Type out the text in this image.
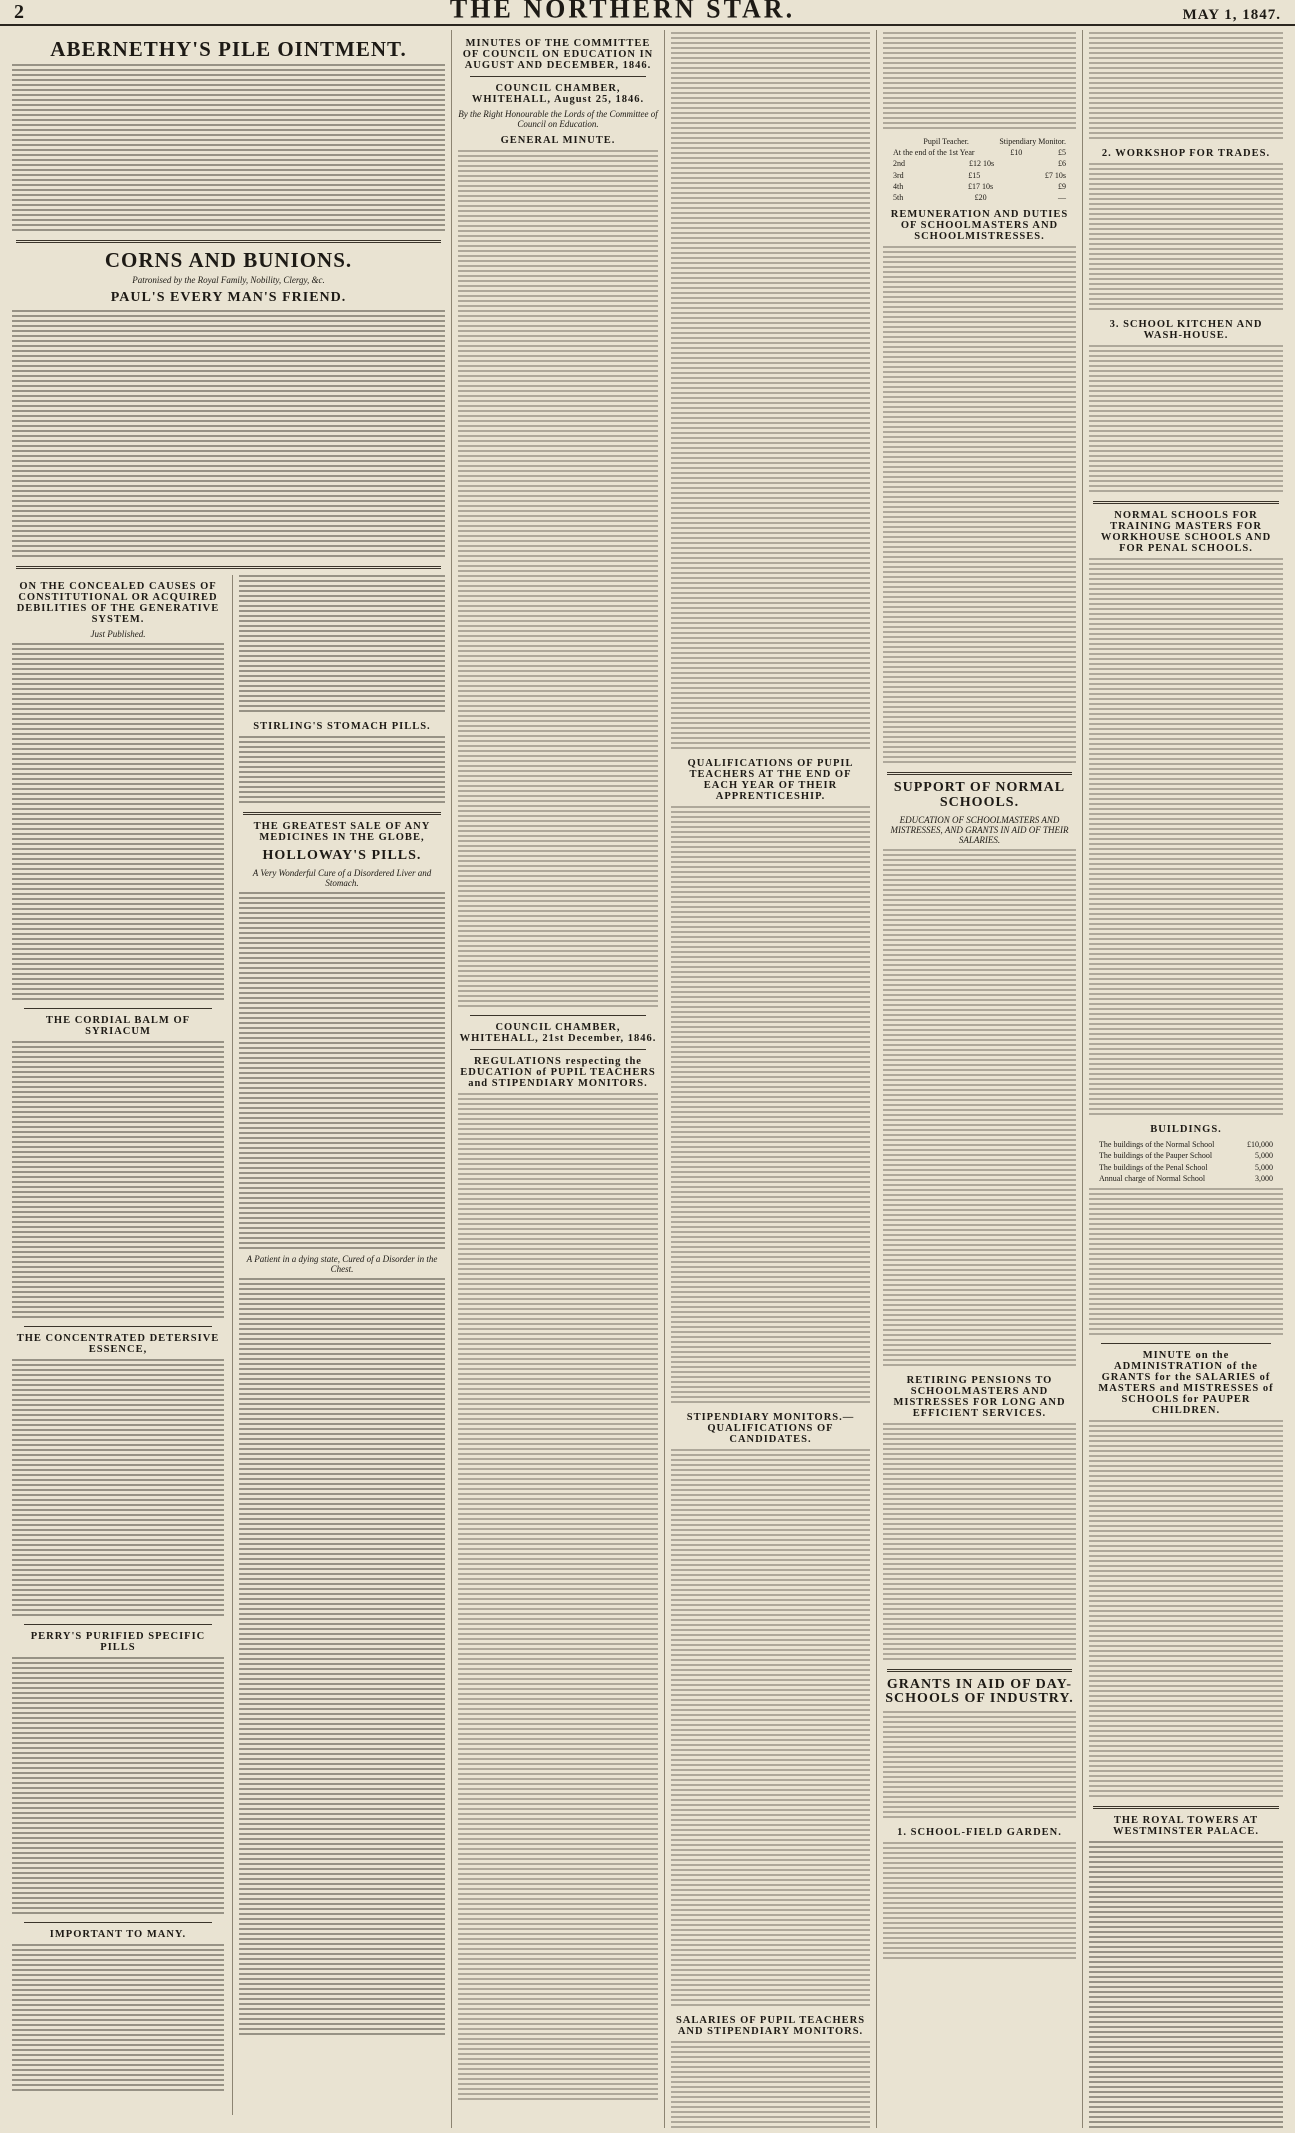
2	THE NORTHERN STAR.	MAY 1, 1847.
ABERNETHY'S PILE OINTMENT.
CORNS AND BUNIONS.
Patronised by the Royal Family, Nobility, Clergy, &c.
PAUL'S EVERY MAN'S FRIEND.
ON THE CONCEALED CAUSES OF CONSTITUTIONAL OR ACQUIRED DEBILITIES OF THE GENERATIVE SYSTEM.
Just Published.
THE CORDIAL BALM OF SYRIACUM
THE CONCENTRATED DETERSIVE ESSENCE,
PERRY'S PURIFIED SPECIFIC PILLS
IMPORTANT TO MANY.
STIRLING'S STOMACH PILLS.
THE GREATEST SALE OF ANY MEDICINES IN THE GLOBE,
HOLLOWAY'S PILLS.
A Very Wonderful Cure of a Disordered Liver and Stomach.
A Patient in a dying state, Cured of a Disorder in the Chest.
MINUTES OF THE COMMITTEE OF COUNCIL ON EDUCATION IN AUGUST AND DECEMBER, 1846.
COUNCIL CHAMBER, WHITEHALL, August 25, 1846.
By the Right Honourable the Lords of the Committee of Council on Education.
GENERAL MINUTE.
COUNCIL CHAMBER, WHITEHALL, 21st December, 1846.
REGULATIONS respecting the EDUCATION of PUPIL TEACHERS and STIPENDIARY MONITORS.
QUALIFICATIONS OF PUPIL TEACHERS AT THE END OF EACH YEAR OF THEIR APPRENTICESHIP.
STIPENDIARY MONITORS.—QUALIFICATIONS OF CANDIDATES.
SALARIES OF PUPIL TEACHERS AND STIPENDIARY MONITORS.
Pupil Teacher.	Stipendiary Monitor.
At the end of the 1st Year	£10	£5
2nd	£12 10s	£6
3rd	£15	£7 10s
4th	£17 10s	£9
5th	£20	—
REMUNERATION AND DUTIES OF SCHOOLMASTERS AND SCHOOLMISTRESSES.
SUPPORT OF NORMAL SCHOOLS.
EDUCATION OF SCHOOLMASTERS AND MISTRESSES, AND GRANTS IN AID OF THEIR SALARIES.
RETIRING PENSIONS TO SCHOOLMASTERS AND MISTRESSES FOR LONG AND EFFICIENT SERVICES.
GRANTS IN AID OF DAY-SCHOOLS OF INDUSTRY.
1. SCHOOL-FIELD GARDEN.
2. WORKSHOP FOR TRADES.
3. SCHOOL KITCHEN AND WASH-HOUSE.
NORMAL SCHOOLS FOR TRAINING MASTERS FOR WORKHOUSE SCHOOLS AND FOR PENAL SCHOOLS.
BUILDINGS.
The buildings of the Normal School	£10,000
The buildings of the Pauper School	5,000
The buildings of the Penal School	5,000
Annual charge of Normal School	3,000
MINUTE on the ADMINISTRATION of the GRANTS for the SALARIES of MASTERS and MISTRESSES of SCHOOLS for PAUPER CHILDREN.
THE ROYAL TOWERS AT WESTMINSTER PALACE.
